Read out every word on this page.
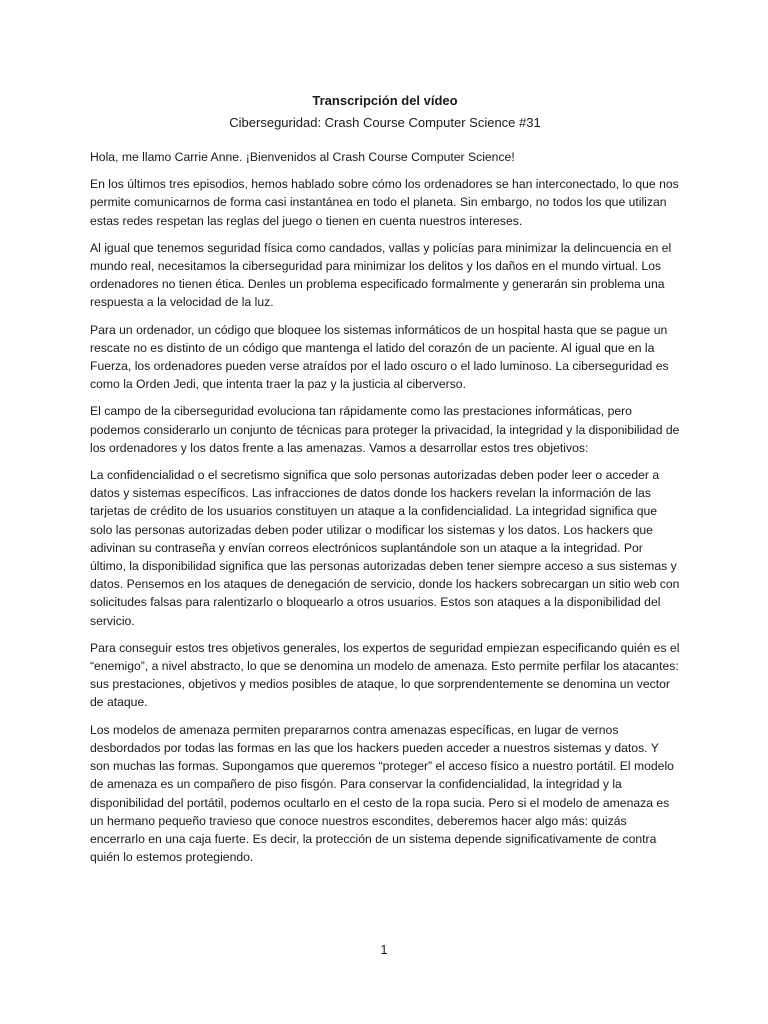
Transcripción del vídeo
Ciberseguridad: Crash Course Computer Science #31

Hola, me llamo Carrie Anne. ¡Bienvenidos al Crash Course Computer Science!

En los últimos tres episodios, hemos hablado sobre cómo los ordenadores se han interconectado, lo que nos permite comunicarnos de forma casi instantánea en todo el planeta. Sin embargo, no todos los que utilizan estas redes respetan las reglas del juego o tienen en cuenta nuestros intereses.

Al igual que tenemos seguridad física como candados, vallas y policías para minimizar la delincuencia en el mundo real, necesitamos la ciberseguridad para minimizar los delitos y los daños en el mundo virtual. Los ordenadores no tienen ética. Denles un problema especificado formalmente y generarán sin problema una respuesta a la velocidad de la luz.

Para un ordenador, un código que bloquee los sistemas informáticos de un hospital hasta que se pague un rescate no es distinto de un código que mantenga el latido del corazón de un paciente. Al igual que en la Fuerza, los ordenadores pueden verse atraídos por el lado oscuro o el lado luminoso. La ciberseguridad es como la Orden Jedi, que intenta traer la paz y la justicia al ciberverso.

El campo de la ciberseguridad evoluciona tan rápidamente como las prestaciones informáticas, pero podemos considerarlo un conjunto de técnicas para proteger la privacidad, la integridad y la disponibilidad de los ordenadores y los datos frente a las amenazas. Vamos a desarrollar estos tres objetivos:

La confidencialidad o el secretismo significa que solo personas autorizadas deben poder leer o acceder a datos y sistemas específicos. Las infracciones de datos donde los hackers revelan la información de las tarjetas de crédito de los usuarios constituyen un ataque a la confidencialidad. La integridad significa que solo las personas autorizadas deben poder utilizar o modificar los sistemas y los datos. Los hackers que adivinan su contraseña y envían correos electrónicos suplantándole son un ataque a la integridad. Por último, la disponibilidad significa que las personas autorizadas deben tener siempre acceso a sus sistemas y datos. Pensemos en los ataques de denegación de servicio, donde los hackers sobrecargan un sitio web con solicitudes falsas para ralentizarlo o bloquearlo a otros usuarios. Estos son ataques a la disponibilidad del servicio.

Para conseguir estos tres objetivos generales, los expertos de seguridad empiezan especificando quién es el “enemigo”, a nivel abstracto, lo que se denomina un modelo de amenaza. Esto permite perfilar los atacantes: sus prestaciones, objetivos y medios posibles de ataque, lo que sorprendentemente se denomina un vector de ataque.

Los modelos de amenaza permiten prepararnos contra amenazas específicas, en lugar de vernos desbordados por todas las formas en las que los hackers pueden acceder a nuestros sistemas y datos. Y son muchas las formas. Supongamos que queremos “proteger” el acceso físico a nuestro portátil. El modelo de amenaza es un compañero de piso fisgón. Para conservar la confidencialidad, la integridad y la disponibilidad del portátil, podemos ocultarlo en el cesto de la ropa sucia. Pero si el modelo de amenaza es un hermano pequeño travieso que conoce nuestros escondites, deberemos hacer algo más: quizás encerrarlo en una caja fuerte. Es decir, la protección de un sistema depende significativamente de contra quién lo estemos protegiendo.

1
